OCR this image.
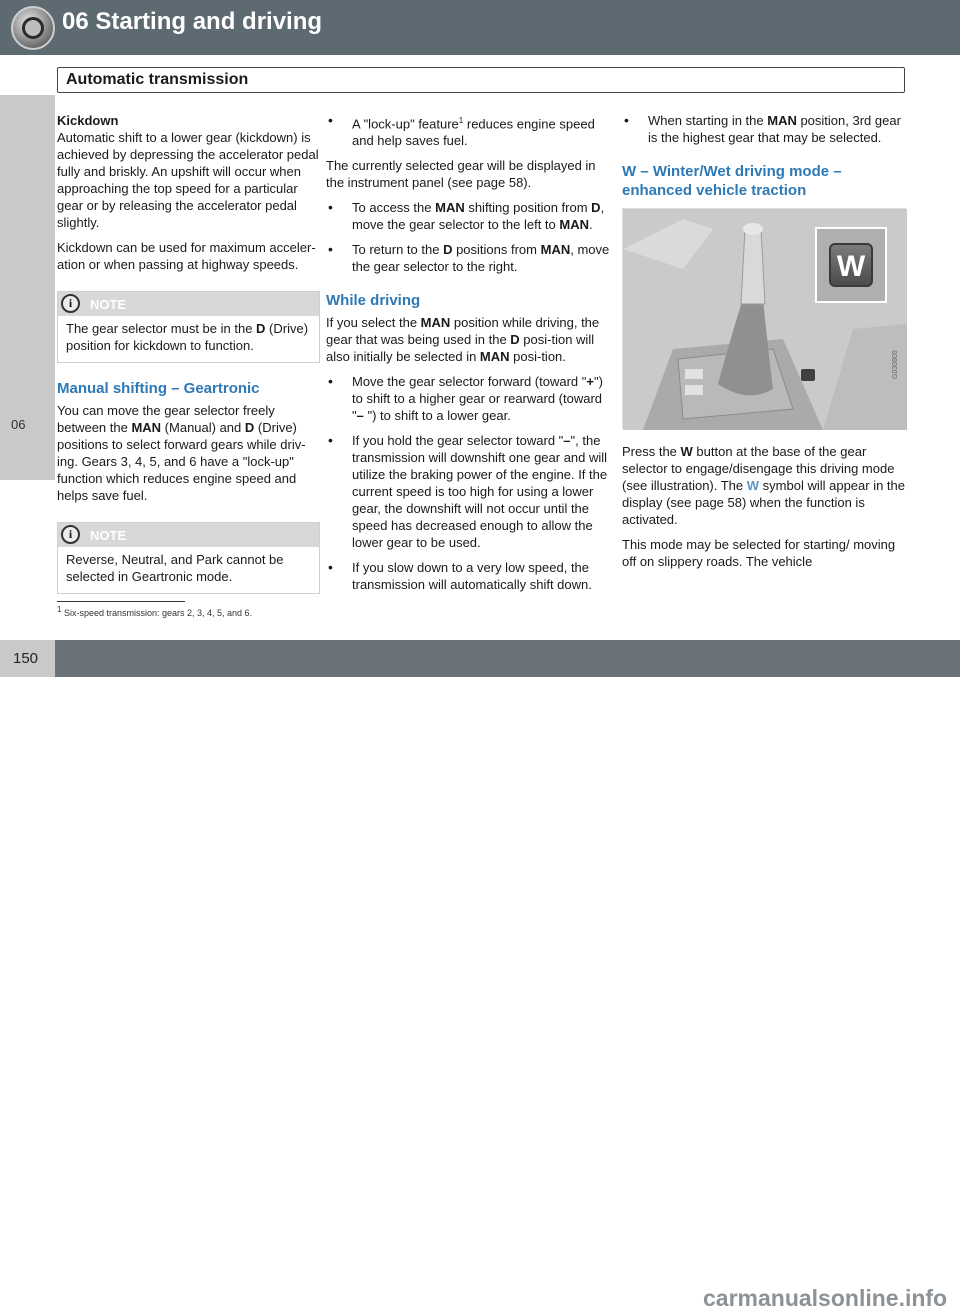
06 Starting and driving
Automatic transmission
06
Kickdown

Automatic shift to a lower gear (kickdown) is achieved by depressing the accelerator pedal fully and briskly. An upshift will occur when approaching the top speed for a particular gear or by releasing the accelerator pedal slightly.

Kickdown can be used for maximum acceler-ation or when passing at highway speeds.

i	NOTE
The gear selector must be in the D (Drive) position for kickdown to function.
Manual shifting – Geartronic

You can move the gear selector freely between the MAN (Manual) and D (Drive) positions to select forward gears while driv-ing. Gears 3, 4, 5, and 6 have a "lock-up" function which reduces engine speed and helps save fuel.

i	NOTE
Reverse, Neutral, and Park cannot be selected in Geartronic mode.
• A "lock-up" feature$^1$ reduces engine speed and help saves fuel.

The currently selected gear will be displayed in the instrument panel (see page 58).

• To access the MAN shifting position from D, move the gear selector to the left to MAN.
• To return to the D positions from MAN, move the gear selector to the right.
While driving

If you select the MAN position while driving, the gear that was being used in the D posi-tion will also initially be selected in MAN posi-tion.

• Move the gear selector forward (toward "+") to shift to a higher gear or rearward (toward "– ") to shift to a lower gear.
• If you hold the gear selector toward "–", the transmission will downshift one gear and will utilize the braking power of the engine. If the current speed is too high for using a lower gear, the downshift will not occur until the speed has decreased enough to allow the lower gear to be used.
• If you slow down to a very low speed, the transmission will automatically shift down.
• When starting in the MAN position, 3rd gear is the highest gear that may be selected.
W – Winter/Wet driving mode – enhanced vehicle traction
W
G030809

Press the W button at the base of the gear selector to engage/disengage this driving mode (see illustration). The W symbol will appear in the display (see page 58) when the function is activated.

This mode may be selected for starting/ moving off on slippery roads. The vehicle

$^1$ Six-speed transmission: gears 2, 3, 4, 5, and 6.
carmanualsonline.info
150
